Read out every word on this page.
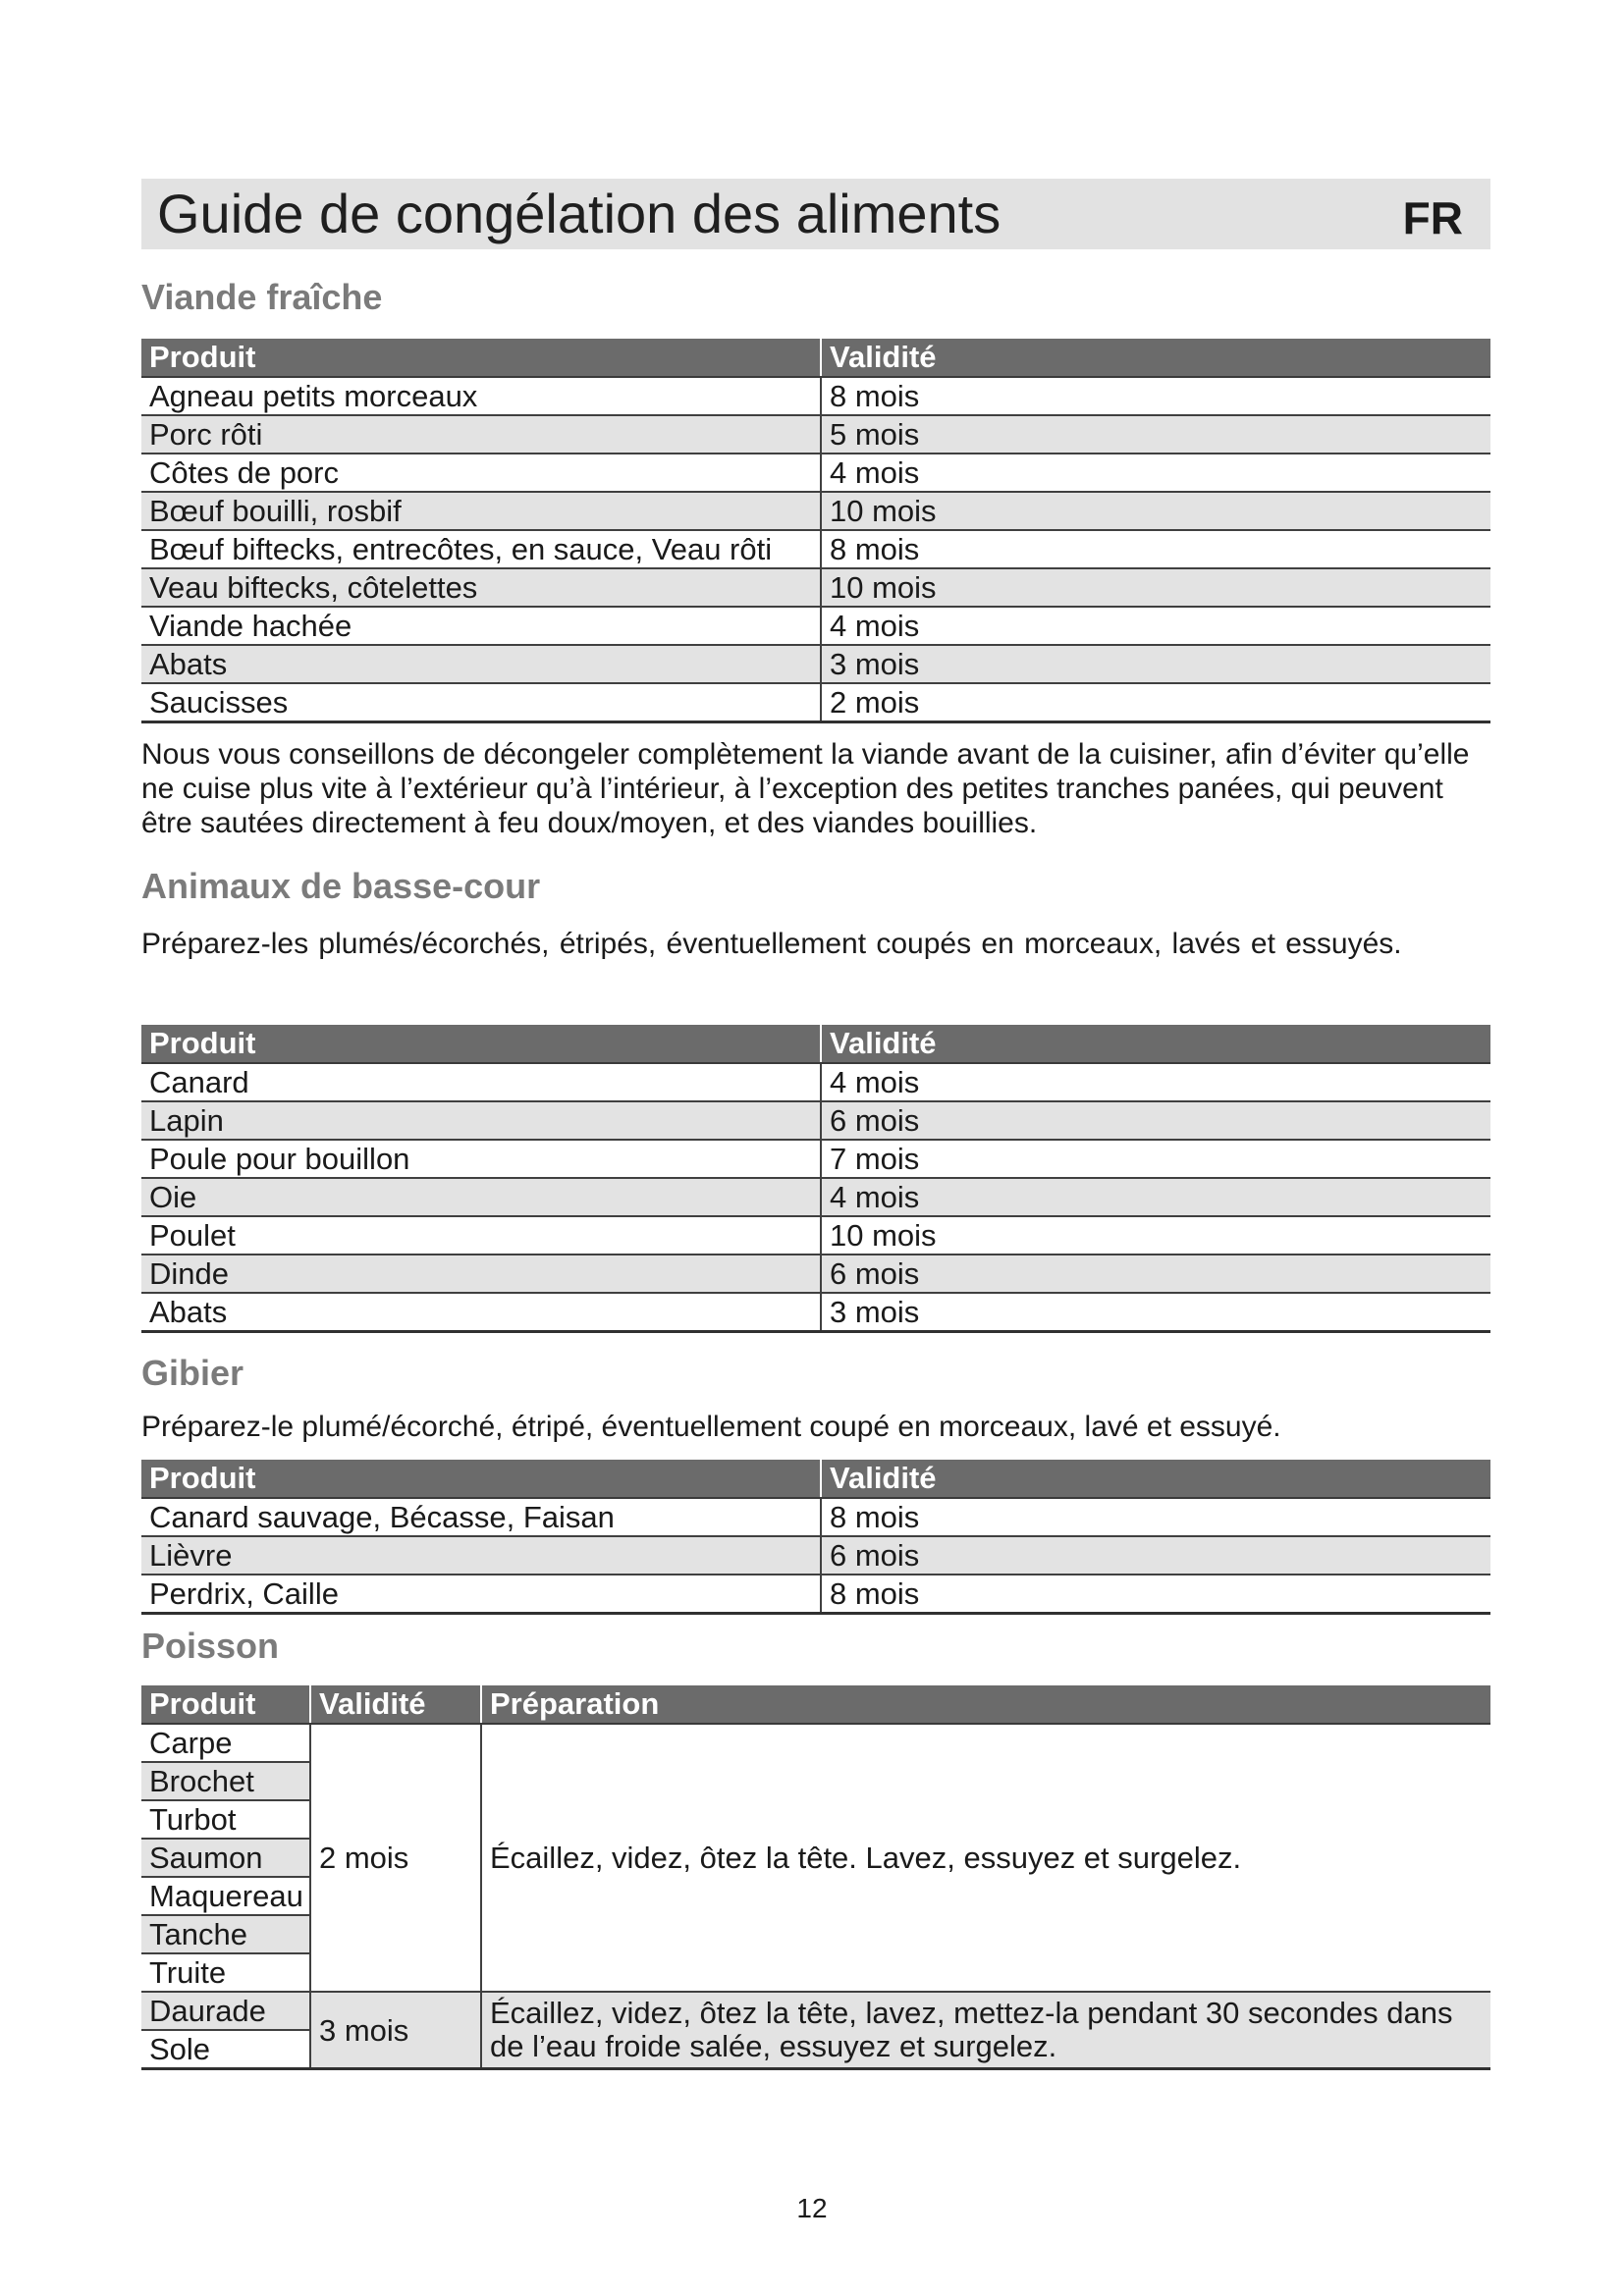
Guide de congélation des aliments	FR
Viande fraîche
Produit	Validité
Agneau petits morceaux	8 mois
Porc rôti	5 mois
Côtes de porc	4 mois
Bœuf bouilli, rosbif	10 mois
Bœuf biftecks, entrecôtes, en sauce, Veau rôti	8 mois
Veau biftecks, côtelettes	10 mois
Viande hachée	4 mois
Abats	3 mois
Saucisses	2 mois
Nous vous conseillons de décongeler complètement la viande avant de la cuisiner, afin d’éviter qu’elle ne cuise plus vite à l’extérieur qu’à l’intérieur, à l’exception des petites tranches panées, qui peuvent être sautées directement à feu doux/moyen, et des viandes bouillies.
Animaux de basse-cour
Préparez-les plumés/écorchés, étripés, éventuellement coupés en morceaux, lavés et essuyés.
Produit	Validité
Canard	4 mois
Lapin	6 mois
Poule pour bouillon	7 mois
Oie	4 mois
Poulet	10 mois
Dinde	6 mois
Abats	3 mois
Gibier
Préparez-le plumé/écorché, étripé, éventuellement coupé en morceaux, lavé et essuyé.
Produit	Validité
Canard sauvage, Bécasse, Faisan	8 mois
Lièvre	6 mois
Perdrix, Caille	8 mois
Poisson
Produit	Validité	Préparation
Carpe	2 mois	Écaillez, videz, ôtez la tête. Lavez, essuyez et surgelez.
Brochet		
Turbot		
Saumon		
Maquereau		
Tanche		
Truite		
Daurade	3 mois	Écaillez, videz, ôtez la tête, lavez, mettez-la pendant 30 secondes dans de l’eau froide salée, essuyez et surgelez.
Sole		
12
